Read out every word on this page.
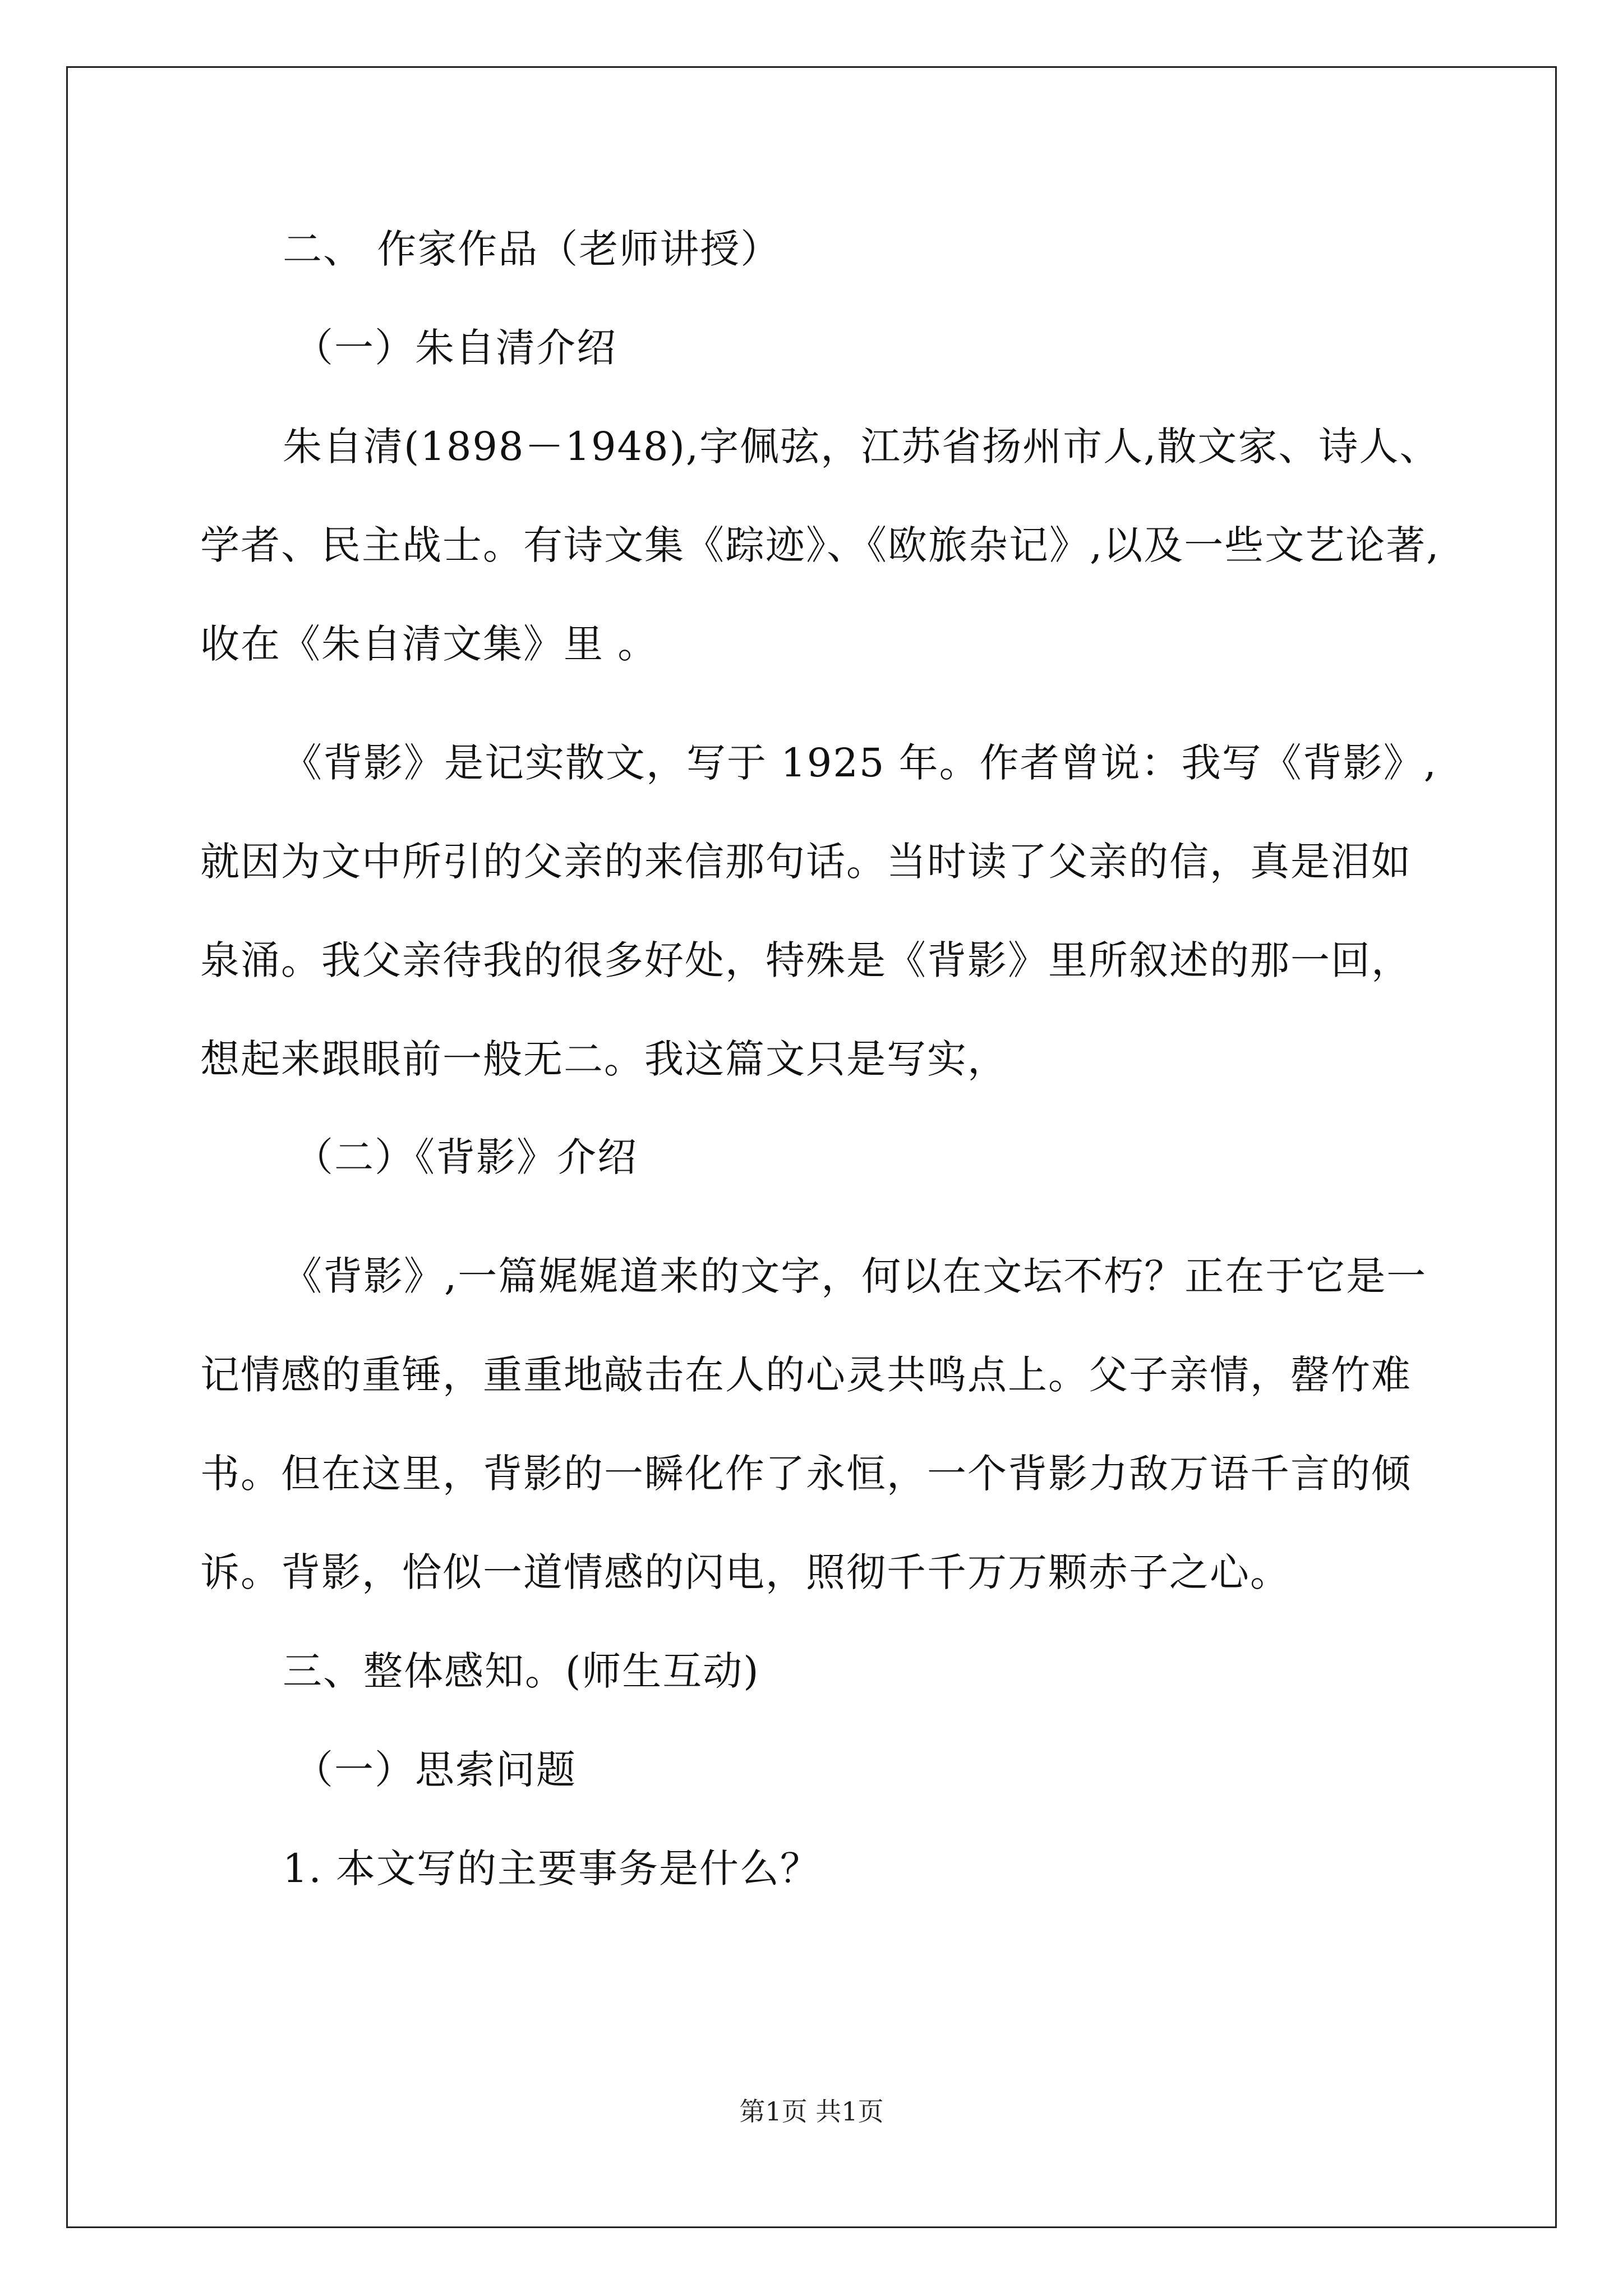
二、 作家作品（老师讲授）
（一）朱自清介绍
朱自清(1898－1948),字佩弦，江苏省扬州市人,散文家、诗人、
学者、民主战士。有诗文集《踪迹》、《欧旅杂记》,以及一些文艺论著,
收在《朱自清文集》里 。
《背影》是记实散文，写于 1925 年。作者曾说：我写《背影》,
就因为文中所引的父亲的来信那句话。当时读了父亲的信，真是泪如
泉涌。我父亲待我的很多好处，特殊是《背影》里所叙述的那一回，
想起来跟眼前一般无二。我这篇文只是写实，
（二）《背影》介绍
《背影》,一篇娓娓道来的文字，何以在文坛不朽？正在于它是一
记情感的重锤，重重地敲击在人的心灵共鸣点上。父子亲情，罄竹难
书。但在这里，背影的一瞬化作了永恒，一个背影力敌万语千言的倾
诉。背影，恰似一道情感的闪电，照彻千千万万颗赤子之心。
三、整体感知。(师生互动)
（一）思索问题
1. 本文写的主要事务是什么？
第1页 共1页
